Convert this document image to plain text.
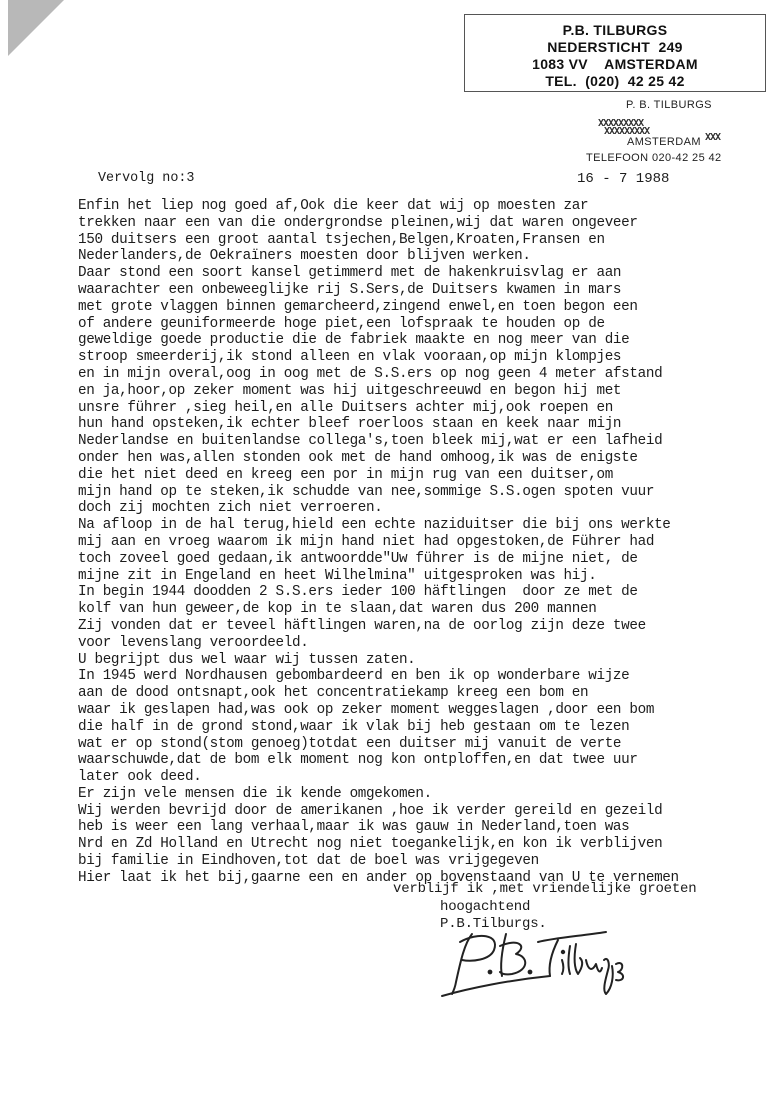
P.B. TILBURGS
NEDERSTICHT  249
1083 VV    AMSTERDAM
TEL.  (020)  42 25 42
P. B. TILBURGS
XXXXXXXXX
XXXXXXXXX
XXX
AMSTERDAM
TELEFOON 020-42 25 42
Vervolg no:3	16 - 7 1988
Enfin het liep nog goed af,Ook die keer dat wij op moesten zar
trekken naar een van die ondergrondse pleinen,wij dat waren ongeveer
150 duitsers een groot aantal tsjechen,Belgen,Kroaten,Fransen en
Nederlanders,de Oekraïners moesten door blijven werken.
Daar stond een soort kansel getimmerd met de hakenkruisvlag er aan
waarachter een onbeweeglijke rij S.Sers,de Duitsers kwamen in mars
met grote vlaggen binnen gemarcheerd,zingend enwel,en toen begon een
of andere geuniformeerde hoge piet,een lofspraak te houden op de
geweldige goede productie die de fabriek maakte en nog meer van die
stroop smeerderij,ik stond alleen en vlak vooraan,op mijn klompjes
en in mijn overal,oog in oog met de S.S.ers op nog geen 4 meter afstand
en ja,hoor,op zeker moment was hij uitgeschreeuwd en begon hij met
unsre führer ,sieg heil,en alle Duitsers achter mij,ook roepen en
hun hand opsteken,ik echter bleef roerloos staan en keek naar mijn
Nederlandse en buitenlandse collega's,toen bleek mij,wat er een lafheid
onder hen was,allen stonden ook met de hand omhoog,ik was de enigste
die het niet deed en kreeg een por in mijn rug van een duitser,om
mijn hand op te steken,ik schudde van nee,sommige S.S.ogen spoten vuur
doch zij mochten zich niet verroeren.
Na afloop in de hal terug,hield een echte naziduitser die bij ons werkte
mij aan en vroeg waarom ik mijn hand niet had opgestoken,de Führer had
toch zoveel goed gedaan,ik antwoordde"Uw führer is de mijne niet, de
mijne zit in Engeland en heet Wilhelmina" uitgesproken was hij.
In begin 1944 doodden 2 S.S.ers ieder 100 häftlingen  door ze met de
kolf van hun geweer,de kop in te slaan,dat waren dus 200 mannen
Zij vonden dat er teveel häftlingen waren,na de oorlog zijn deze twee
voor levenslang veroordeeld.
U begrijpt dus wel waar wij tussen zaten.
In 1945 werd Nordhausen gebombardeerd en ben ik op wonderbare wijze
aan de dood ontsnapt,ook het concentratiekamp kreeg een bom en
waar ik geslapen had,was ook op zeker moment weggeslagen ,door een bom
die half in de grond stond,waar ik vlak bij heb gestaan om te lezen
wat er op stond(stom genoeg)totdat een duitser mij vanuit de verte
waarschuwde,dat de bom elk moment nog kon ontploffen,en dat twee uur
later ook deed.
Er zijn vele mensen die ik kende omgekomen.
Wij werden bevrijd door de amerikanen ,hoe ik verder gereild en gezeild
heb is weer een lang verhaal,maar ik was gauw in Nederland,toen was
Nrd en Zd Holland en Utrecht nog niet toegankelijk,en kon ik verblijven
bij familie in Eindhoven,tot dat de boel was vrijgegeven
Hier laat ik het bij,gaarne een en ander op bovenstaand van U te vernemen
verblijf ik ,met vriendelijke groeten
hoogachtend
P.B.Tilburgs.
